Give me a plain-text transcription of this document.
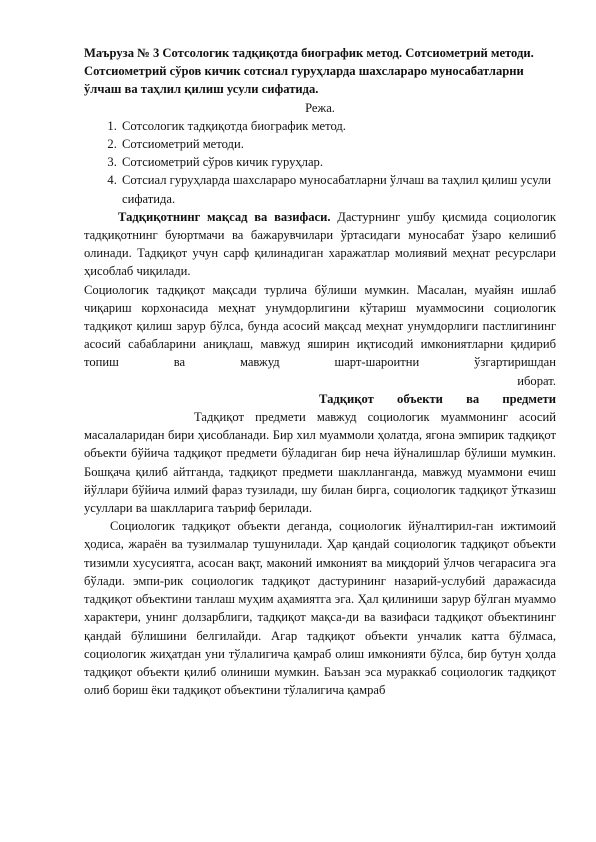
Маъруза № 3 Сотсологик тадқиқотда биографик метод. Сотсиометрий методи. Сотсиометрий сўров кичик сотсиал гуруҳларда шахслараро муносабатларни ўлчаш ва таҳлил қилиш усули сифатида.

Режа.

1. Сотсологик тадқиқотда биографик метод.
2. Сотсиометрий методи.
3. Сотсиометрий сўров кичик гуруҳлар.
4. Сотсиал гуруҳларда шахслараро муносабатларни ўлчаш ва таҳлил қилиш усули сифатида.

Тадқиқотнинг мақсад ва вазифаси. Дастурнинг ушбу қисмида социологик тадқиқотнинг буюртмачи ва бажарувчилари ўртасидаги муносабат ўзаро келишиб олинади. Тадқиқот учун сарф қилинадиган харажатлар молиявий меҳнат ресурслари ҳисоблаб чиқилади.

Социологик тадқиқот мақсади турлича бўлиши мумкин. Масалан, муайян ишлаб чиқариш корхонасида меҳнат унумдорлигини кўтариш муаммосини социологик тадқиқот қилиш зарур бўлса, бунда асосий мақсад меҳнат унумдорлиги пастлигининг асосий сабабларини аниқлаш, мавжуд яширин иқтисодий имкониятларни қидириб топиш ва мавжуд шарт-шароитни ўзгартиришдан

иборат.

Тадқиқот объекти ва предмети

Тадқиқот предмети мавжуд социологик муаммонинг асосий масалаларидан бири ҳисобланади. Бир хил муаммоли ҳолатда, ягона эмпирик тадқиқот объекти бўйича тадқиқот предмети бўладиган бир неча йўналишлар бўлиши мумкин. Бошқача қилиб айтганда, тадқиқот предмети шаклланганда, мавжуд муаммони ечиш йўллари бўйича илмий фараз тузилади, шу билан бирга, социологик тадқиқот ўтказиш усуллари ва шаклларига таъриф берилади.

Социологик тадқиқот объекти деганда, социологик йўналтирил-ган ижтимоий ҳодиса, жараён ва тузилмалар тушунилади. Ҳар қандай социологик тадқиқот объекти тизимли хусусиятга, асосан вақт, маконий имконият ва миқдорий ўлчов чегарасига эга бўлади. эмпи-рик социологик тадқиқот дастурининг назарий-услубий даражасида тадқиқот объектини танлаш муҳим аҳамиятга эга. Ҳал қилиниши зарур бўлган муаммо характери, унинг долзарблиги, тадқиқот мақса-ди ва вазифаси тадқиқот объектининг қандай бўлишини белгилайди. Агар тадқиқот объекти унчалик катта бўлмаса, социологик жиҳатдан уни тўлалигича қамраб олиш имконияти бўлса, бир бутун ҳолда тадқиқот объекти қилиб олиниши мумкин. Баъзан эса мураккаб социологик тадқиқот олиб бориш ёки тадқиқот объектини тўлалигича қамраб
